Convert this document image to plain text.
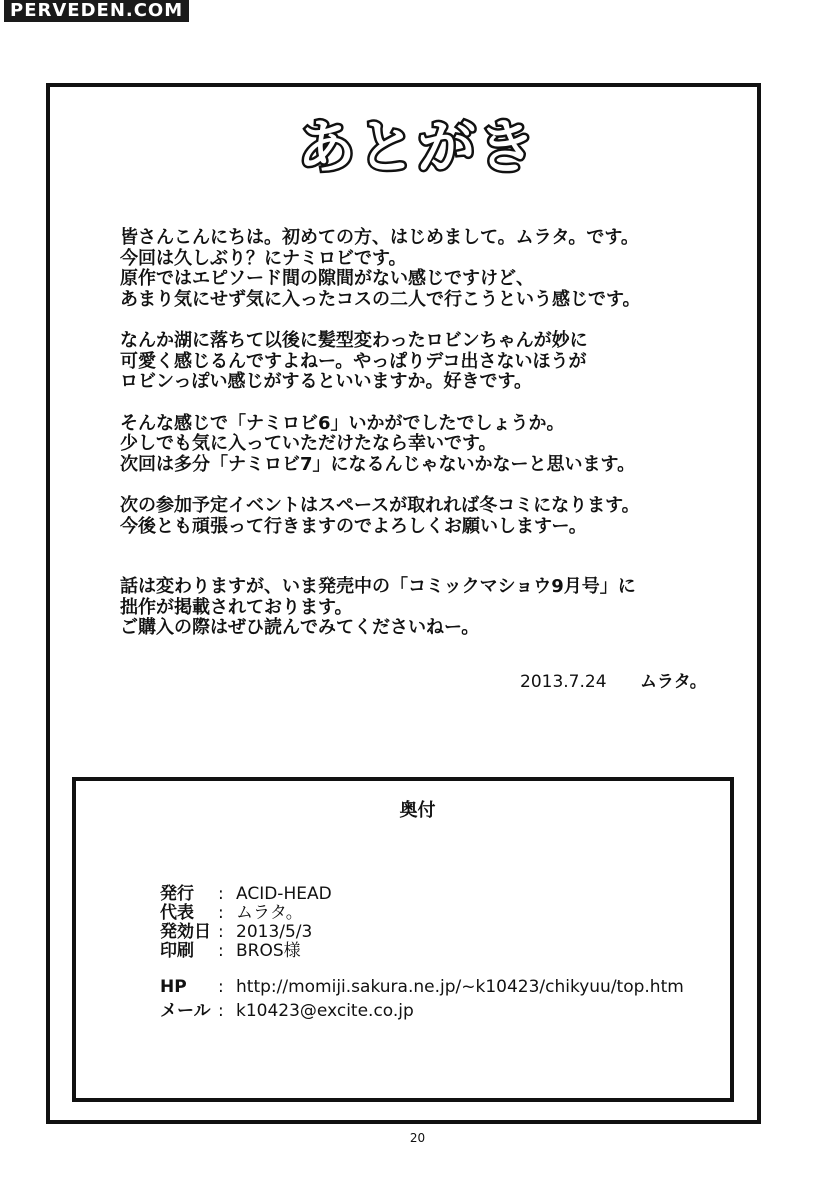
PERVEDEN.COM
あとがき
皆さんこんにちは。初めての方、はじめまして。ムラタ。です。
今回は久しぶり？にナミロビです。
原作ではエピソード間の隙間がない感じですけど、
あまり気にせず気に入ったコスの二人で行こうという感じです。
なんか湖に落ちて以後に髪型変わったロビンちゃんが妙に
可愛く感じるんですよねー。やっぱりデコ出さないほうが
ロビンっぽい感じがするといいますか。好きです。
そんな感じで「ナミロビ6」いかがでしたでしょうか。
少しでも気に入っていただけたなら幸いです。
次回は多分「ナミロビ7」になるんじゃないかなーと思います。
次の参加予定イベントはスペースが取れれば冬コミになります。
今後とも頑張って行きますのでよろしくお願いしますー。
話は変わりますが、いま発売中の「コミックマショウ9月号」に
拙作が掲載されております。
ご購入の際はぜひ読んでみてくださいねー。
2013.7.24 ムラタ。
奥付
発行	: ACID-HEAD
代表	: ムラタ。
発効日 : 2013/5/3
印刷	: BROS様
HP	: http://momiji.sakura.ne.jp/~k10423/chikyuu/top.htm
メール : k10423@excite.co.jp
20
